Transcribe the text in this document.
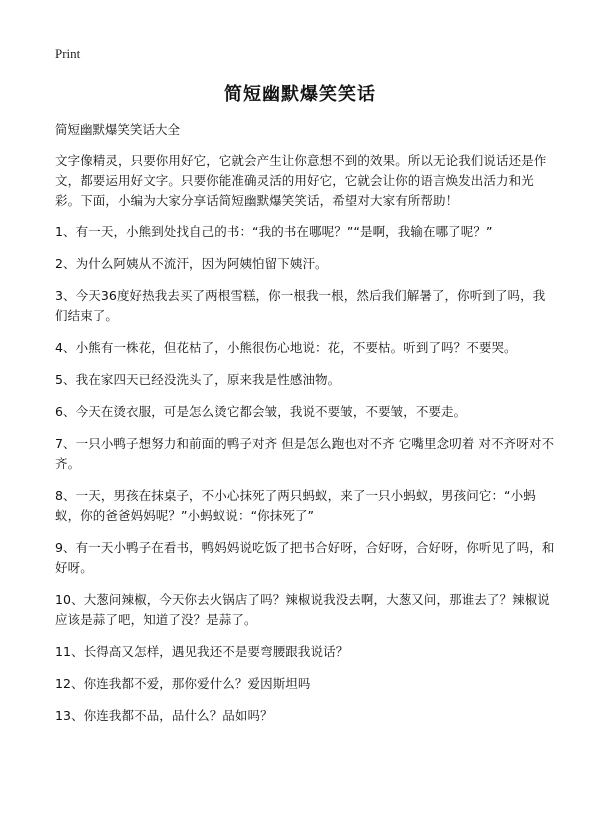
Print
简短幽默爆笑笑话

简短幽默爆笑笑话大全

文字像精灵，只要你用好它，它就会产生让你意想不到的效果。所以无论我们说话还是作文，都要运用好文字。只要你能准确灵活的用好它，它就会让你的语言焕发出活力和光彩。下面，小编为大家分享话简短幽默爆笑笑话，希望对大家有所帮助！

1、有一天，小熊到处找自己的书：“我的书在哪呢？”“是啊，我输在哪了呢？”

2、为什么阿姨从不流汗，因为阿姨怕留下姨汗。

3、今天36度好热我去买了两根雪糕，你一根我一根，然后我们解暑了，你听到了吗，我们结束了。

4、小熊有一株花，但花枯了，小熊很伤心地说：花，不要枯。听到了吗？不要哭。

5、我在家四天已经没洗头了，原来我是性感油物。

6、今天在烫衣服，可是怎么烫它都会皱，我说不要皱，不要皱，不要走。

7、一只小鸭子想努力和前面的鸭子对齐 但是怎么跑也对不齐 它嘴里念叨着 对不齐呀对不齐。

8、一天，男孩在抹桌子，不小心抹死了两只蚂蚁，来了一只小蚂蚁，男孩问它：“小蚂蚁，你的爸爸妈妈呢？”小蚂蚁说：“你抹死了”

9、有一天小鸭子在看书，鸭妈妈说吃饭了把书合好呀，合好呀，合好呀，你听见了吗，和好呀。

10、大葱问辣椒，今天你去火锅店了吗？辣椒说我没去啊，大葱又问，那谁去了？辣椒说应该是蒜了吧，知道了没？是蒜了。

11、长得高又怎样，遇见我还不是要弯腰跟我说话？

12、你连我都不爱，那你爱什么？爱因斯坦吗

13、你连我都不品，品什么？品如吗？
